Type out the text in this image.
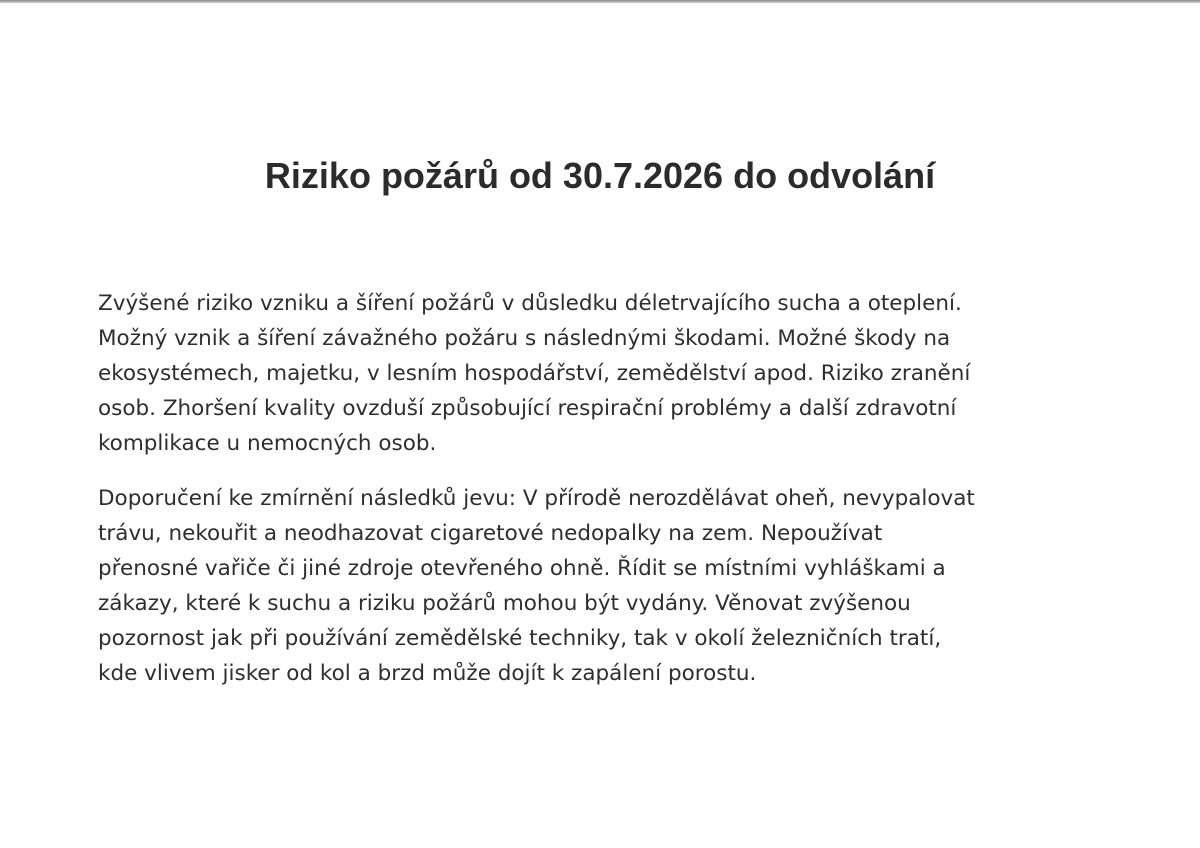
Riziko požárů od 30.7.2026 do odvolání

Zvýšené riziko vzniku a šíření požárů v důsledku déletrvajícího sucha a oteplení.
Možný vznik a šíření závažného požáru s následnými škodami. Možné škody na
ekosystémech, majetku, v lesním hospodářství, zemědělství apod. Riziko zranění
osob. Zhoršení kvality ovzduší způsobující respirační problémy a další zdravotní
komplikace u nemocných osob.

Doporučení ke zmírnění následků jevu: V přírodě nerozdělávat oheň, nevypalovat
trávu, nekouřit a neodhazovat cigaretové nedopalky na zem. Nepoužívat
přenosné vařiče či jiné zdroje otevřeného ohně. Řídit se místními vyhláškami a
zákazy, které k suchu a riziku požárů mohou být vydány. Věnovat zvýšenou
pozornost jak při používání zemědělské techniky, tak v okolí železničních tratí,
kde vlivem jisker od kol a brzd může dojít k zapálení porostu.
